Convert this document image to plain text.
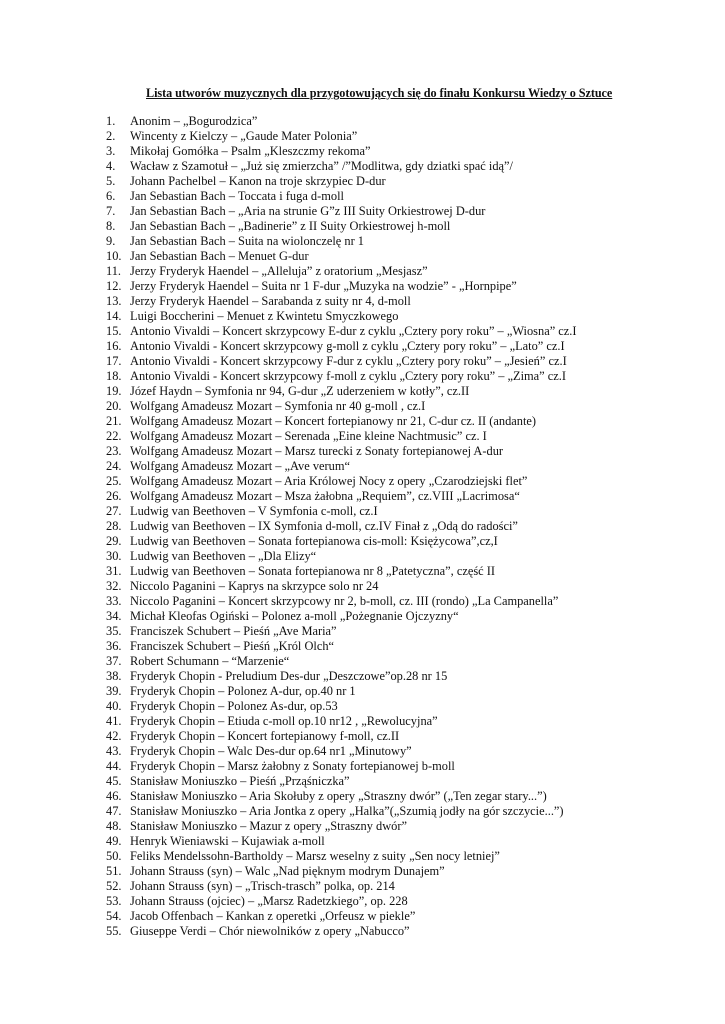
Lista utworów muzycznych dla przygotowujących się do finału Konkursu Wiedzy o Sztuce
1.	Anonim – „Bogurodzica”
2.	Wincenty z Kielczy – „Gaude Mater Polonia”
3.	Mikołaj Gomółka – Psalm „Kleszczmy rekoma”
4.	Wacław z Szamotuł – „Już się zmierzcha” /”Modlitwa, gdy dziatki spać idą”/
5.	Johann Pachelbel – Kanon na troje skrzypiec D-dur
6.	Jan Sebastian Bach – Toccata i fuga d-moll
7.	Jan Sebastian Bach – „Aria na strunie G”z III Suity Orkiestrowej D-dur
8.	Jan Sebastian Bach – „Badinerie” z II Suity Orkiestrowej h-moll
9.	Jan Sebastian Bach – Suita na wiolonczelę nr 1
10. Jan Sebastian Bach – Menuet G-dur
11. Jerzy Fryderyk Haendel – „Alleluja” z oratorium „Mesjasz”
12. Jerzy Fryderyk Haendel – Suita nr 1 F-dur „Muzyka na wodzie” - „Hornpipe”
13. Jerzy Fryderyk Haendel – Sarabanda z suity nr 4, d-moll
14. Luigi Boccherini – Menuet z Kwintetu Smyczkowego
15. Antonio Vivaldi – Koncert skrzypcowy E-dur z cyklu „Cztery pory roku” – „Wiosna” cz.I
16. Antonio Vivaldi - Koncert skrzypcowy g-moll z cyklu „Cztery pory roku” – „Lato” cz.I
17. Antonio Vivaldi - Koncert skrzypcowy F-dur z cyklu „Cztery pory roku” – „Jesień” cz.I
18. Antonio Vivaldi - Koncert skrzypcowy f-moll z cyklu „Cztery pory roku” – „Zima” cz.I
19. Józef Haydn – Symfonia nr 94, G-dur „Z uderzeniem w kotły”, cz.II
20. Wolfgang Amadeusz Mozart – Symfonia nr 40 g-moll , cz.I
21. Wolfgang Amadeusz Mozart – Koncert fortepianowy nr 21, C-dur cz. II (andante)
22. Wolfgang Amadeusz Mozart – Serenada „Eine kleine Nachtmusic” cz. I
23. Wolfgang Amadeusz Mozart – Marsz turecki z Sonaty fortepianowej A-dur
24. Wolfgang Amadeusz Mozart – „Ave verum“
25. Wolfgang Amadeusz Mozart – Aria Królowej Nocy z opery „Czarodziejski flet”
26. Wolfgang Amadeusz Mozart – Msza żałobna „Requiem”, cz.VIII „Lacrimosa“
27. Ludwig van Beethoven – V Symfonia c-moll, cz.I
28. Ludwig van Beethoven – IX Symfonia d-moll, cz.IV Finał z „Odą do radości”
29. Ludwig van Beethoven – Sonata fortepianowa cis-moll: Księżycowa”,cz,I
30. Ludwig van Beethoven – „Dla Elizy“
31. Ludwig van Beethoven – Sonata fortepianowa nr 8 „Patetyczna”, część II
32. Niccolo Paganini – Kaprys na skrzypce solo nr 24
33. Niccolo Paganini – Koncert skrzypcowy nr 2, b-moll, cz. III (rondo) „La Campanella”
34. Michał Kleofas Ogiński – Polonez a-moll „Pożegnanie Ojczyzny“
35. Franciszek Schubert – Pieśń „Ave Maria”
36. Franciszek Schubert – Pieśń „Król Olch“
37. Robert Schumann – “Marzenie“
38. Fryderyk Chopin - Preludium Des-dur „Deszczowe”op.28 nr 15
39. Fryderyk Chopin – Polonez A-dur, op.40 nr 1
40. Fryderyk Chopin – Polonez As-dur, op.53
41. Fryderyk Chopin – Etiuda c-moll op.10 nr12 , „Rewolucyjna”
42. Fryderyk Chopin – Koncert fortepianowy f-moll, cz.II
43. Fryderyk Chopin – Walc Des-dur op.64 nr1 „Minutowy”
44. Fryderyk Chopin – Marsz żałobny z Sonaty fortepianowej b-moll
45. Stanisław Moniuszko – Pieśń „Prząśniczka”
46. Stanisław Moniuszko – Aria Skołuby z opery „Straszny dwór” („Ten zegar stary...”)
47. Stanisław Moniuszko – Aria Jontka z opery „Halka”(„Szumią jodły na gór szczycie...”)
48. Stanisław Moniuszko – Mazur z opery „Straszny dwór”
49. Henryk Wieniawski – Kujawiak a-moll
50. Feliks Mendelssohn-Bartholdy – Marsz weselny z suity „Sen nocy letniej”
51. Johann Strauss (syn) – Walc „Nad pięknym modrym Dunajem”
52. Johann Strauss (syn) – „Trisch-trasch” polka, op. 214
53. Johann Strauss (ojciec) – „Marsz Radetzkiego”, op. 228
54. Jacob Offenbach – Kankan z operetki „Orfeusz w piekle”
55. Giuseppe Verdi – Chór niewolników z opery „Nabucco”
